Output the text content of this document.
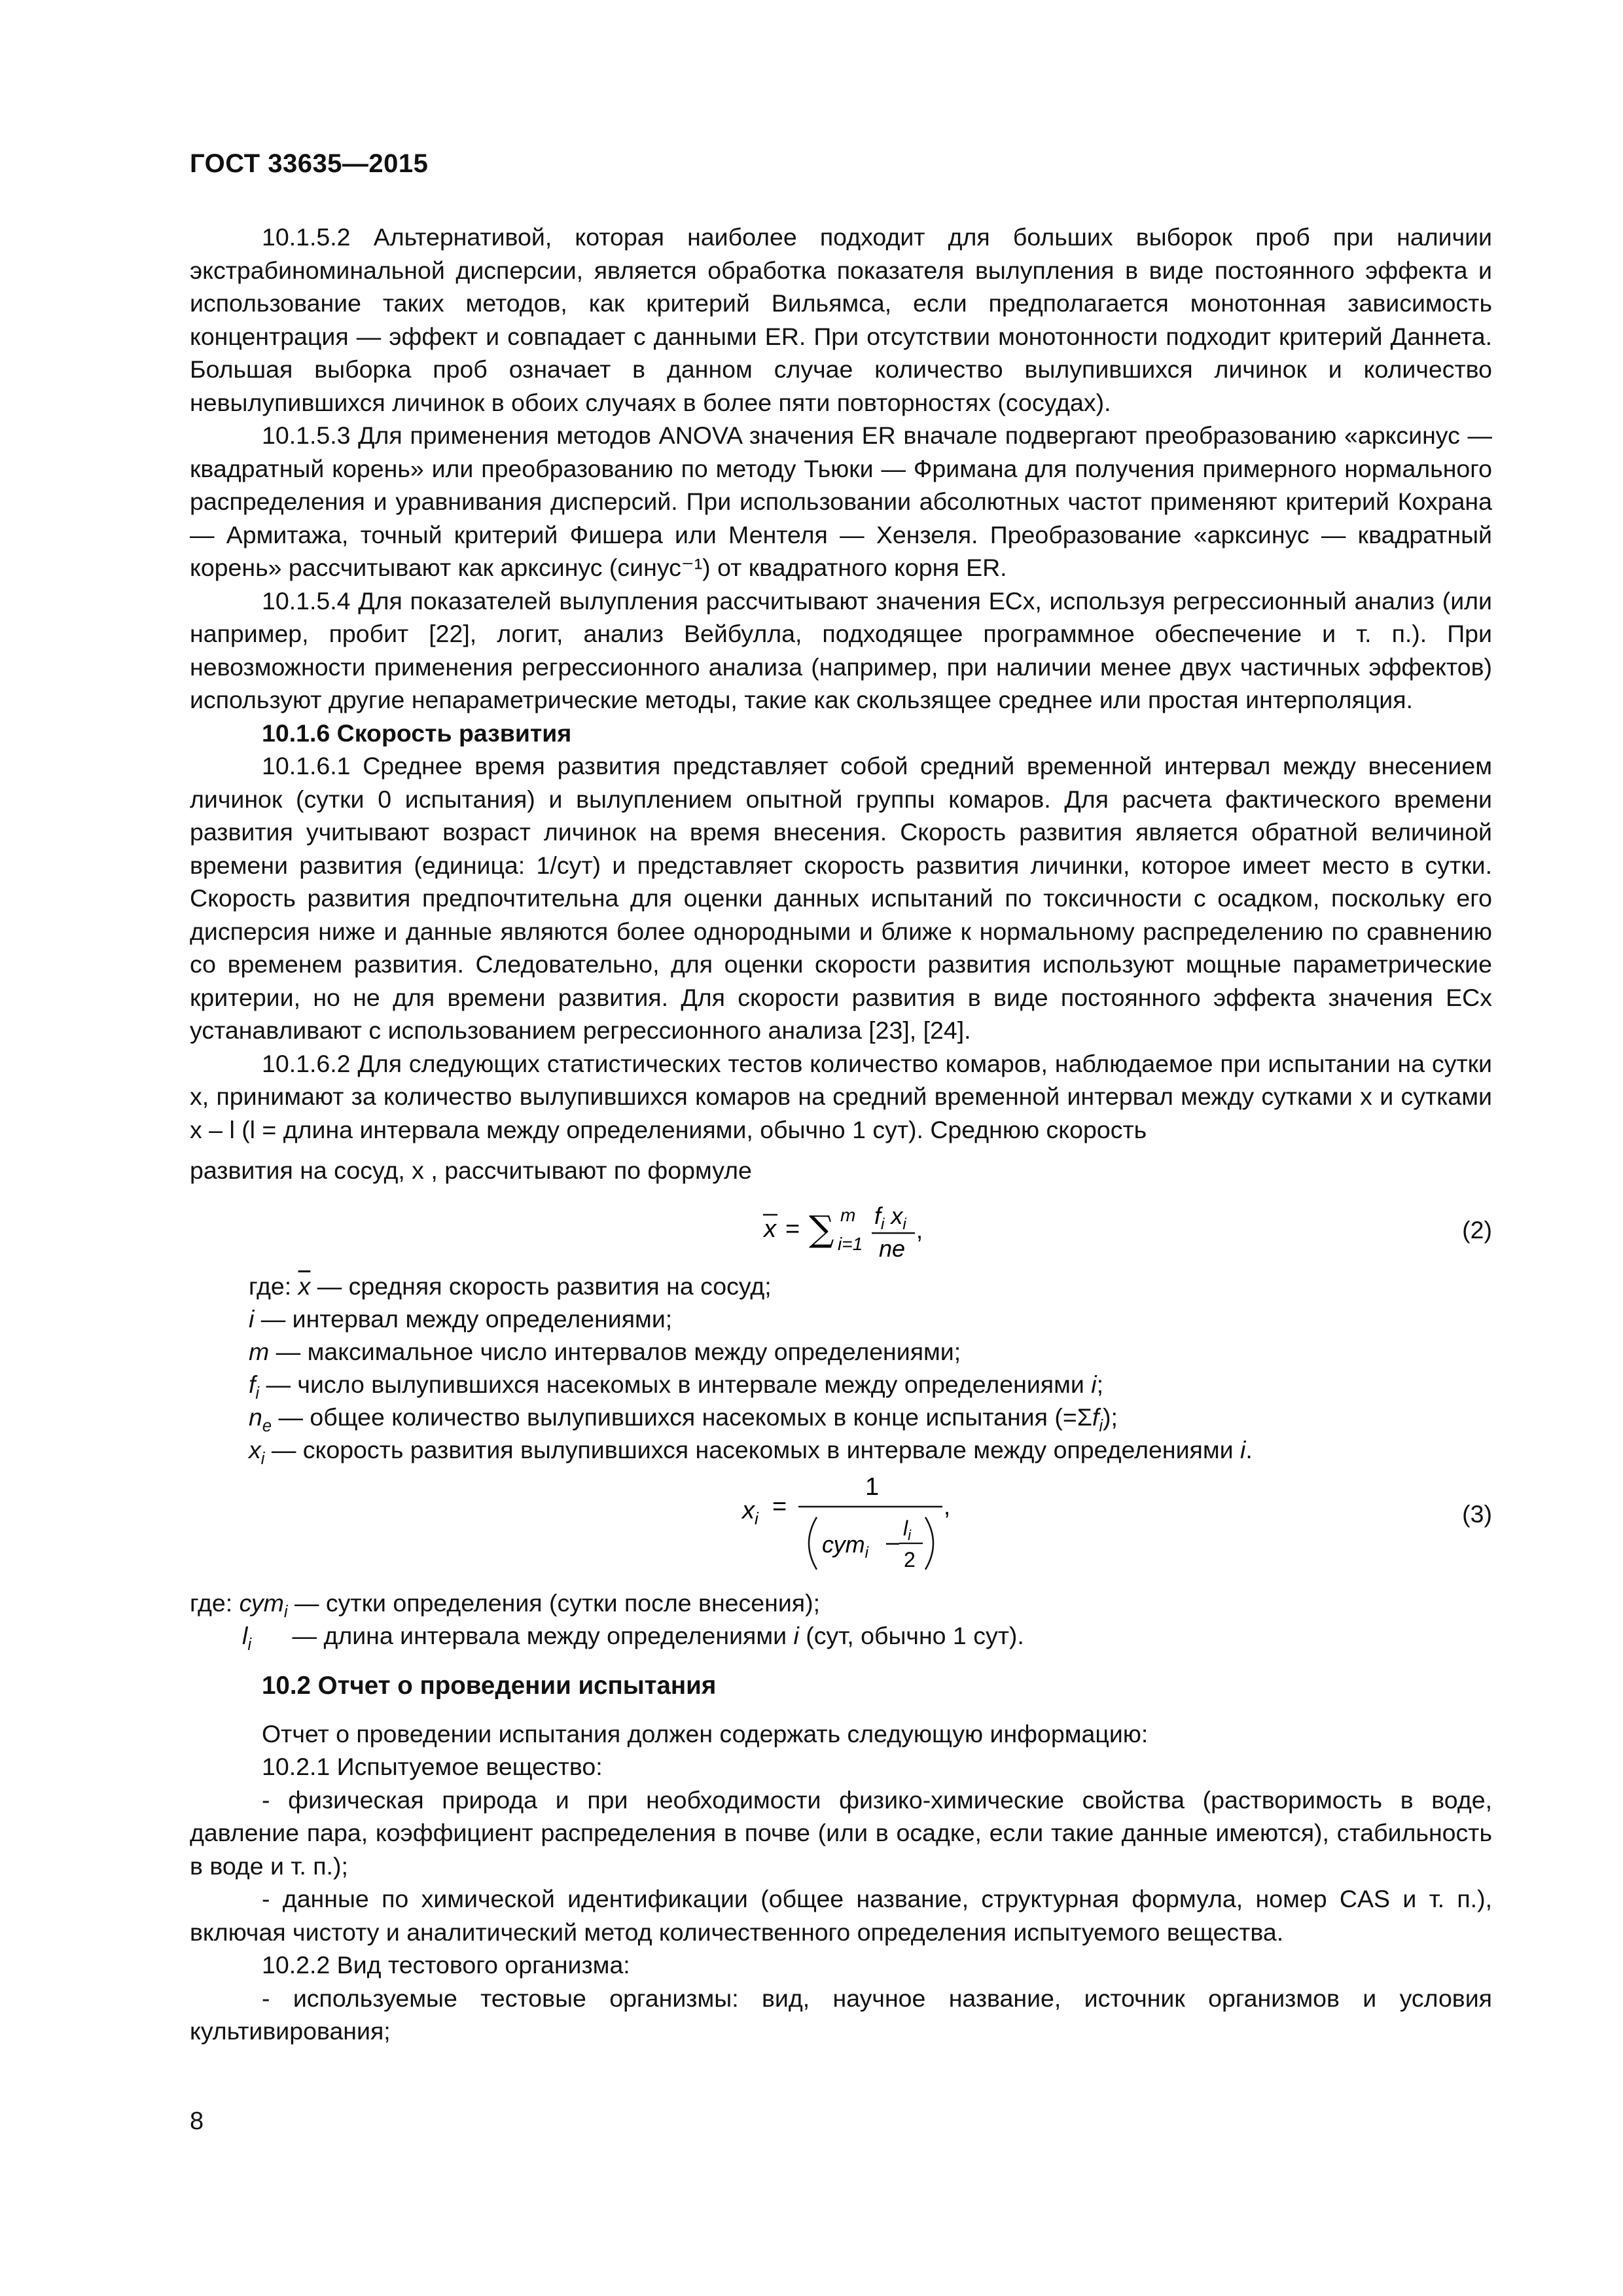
ГОСТ 33635—2015

10.1.5.2 Альтернативой, которая наиболее подходит для больших выборок проб при наличии экстрабиноминальной дисперсии, является обработка показателя вылупления в виде постоянного эффекта и использование таких методов, как критерий Вильямса, если предполагается монотонная зависимость концентрация — эффект и совпадает с данными ER. При отсутствии монотонности подходит критерий Даннета. Большая выборка проб означает в данном случае количество вылупившихся личинок и количество невылупившихся личинок в обоих случаях в более пяти повторностях (сосудах).

10.1.5.3 Для применения методов ANOVA значения ER вначале подвергают преобразованию «арксинус — квадратный корень» или преобразованию по методу Тьюки — Фримана для получения примерного нормального распределения и уравнивания дисперсий. При использовании абсолютных частот применяют критерий Кохрана — Армитажа, точный критерий Фишера или Ментеля — Хензеля. Преобразование «арксинус — квадратный корень» рассчитывают как арксинус (синус⁻¹) от квадратного корня ER.

10.1.5.4 Для показателей вылупления рассчитывают значения ECx, используя регрессионный анализ (или например, пробит [22], логит, анализ Вейбулла, подходящее программное обеспечение и т. п.). При невозможности применения регрессионного анализа (например, при наличии менее двух частичных эффектов) используют другие непараметрические методы, такие как скользящее среднее или простая интерполяция.

10.1.6 Скорость развития

10.1.6.1 Среднее время развития представляет собой средний временной интервал между внесением личинок (сутки 0 испытания) и вылуплением опытной группы комаров. Для расчета фактического времени развития учитывают возраст личинок на время внесения. Скорость развития является обратной величиной времени развития (единица: 1/сут) и представляет скорость развития личинки, которое имеет место в сутки. Скорость развития предпочтительна для оценки данных испытаний по токсичности с осадком, поскольку его дисперсия ниже и данные являются более однородными и ближе к нормальному распределению по сравнению со временем развития. Следовательно, для оценки скорости развития используют мощные параметрические критерии, но не для времени развития. Для скорости развития в виде постоянного эффекта значения ECx устанавливают с использованием регрессионного анализа [23], [24].

10.1.6.2 Для следующих статистических тестов количество комаров, наблюдаемое при испытании на сутки x, принимают за количество вылупившихся комаров на средний временной интервал между сутками x и сутками x – l (l = длина интервала между определениями, обычно 1 сут). Среднюю скорость

развития на сосуд, x , рассчитывают по формуле

x = ∑ m
i=1
$f_i$ $x_i$
ne
,	(2)
где: $\overline{x}$ — средняя скорость развития на сосуд;
i — интервал между определениями;
m — максимальное число интервалов между определениями;
$f_i$ — число вылупившихся насекомых в интервале между определениями i;
$n_e$ — общее количество вылупившихся насекомых в конце испытания $(=\Sigma f_i)$;
$x_i$ — скорость развития вылупившихся насекомых в интервале между определениями i.
$x_i$ =
1
$сут_i - l_i$
2
,	(3)
где: сут$_i$ — сутки определения (сутки после внесения);
$l_i$      — длина интервала между определениями i (сут, обычно 1 сут).
10.2 Отчет о проведении испытания

Отчет о проведении испытания должен содержать следующую информацию:

10.2.1 Испытуемое вещество:

- физическая природа и при необходимости физико-химические свойства (растворимость в воде, давление пара, коэффициент распределения в почве (или в осадке, если такие данные имеются), стабильность в воде и т. п.);

- данные по химической идентификации (общее название, структурная формула, номер CAS и т. п.), включая чистоту и аналитический метод количественного определения испытуемого вещества.

10.2.2 Вид тестового организма:

- используемые тестовые организмы: вид, научное название, источник организмов и условия культивирования;

8
